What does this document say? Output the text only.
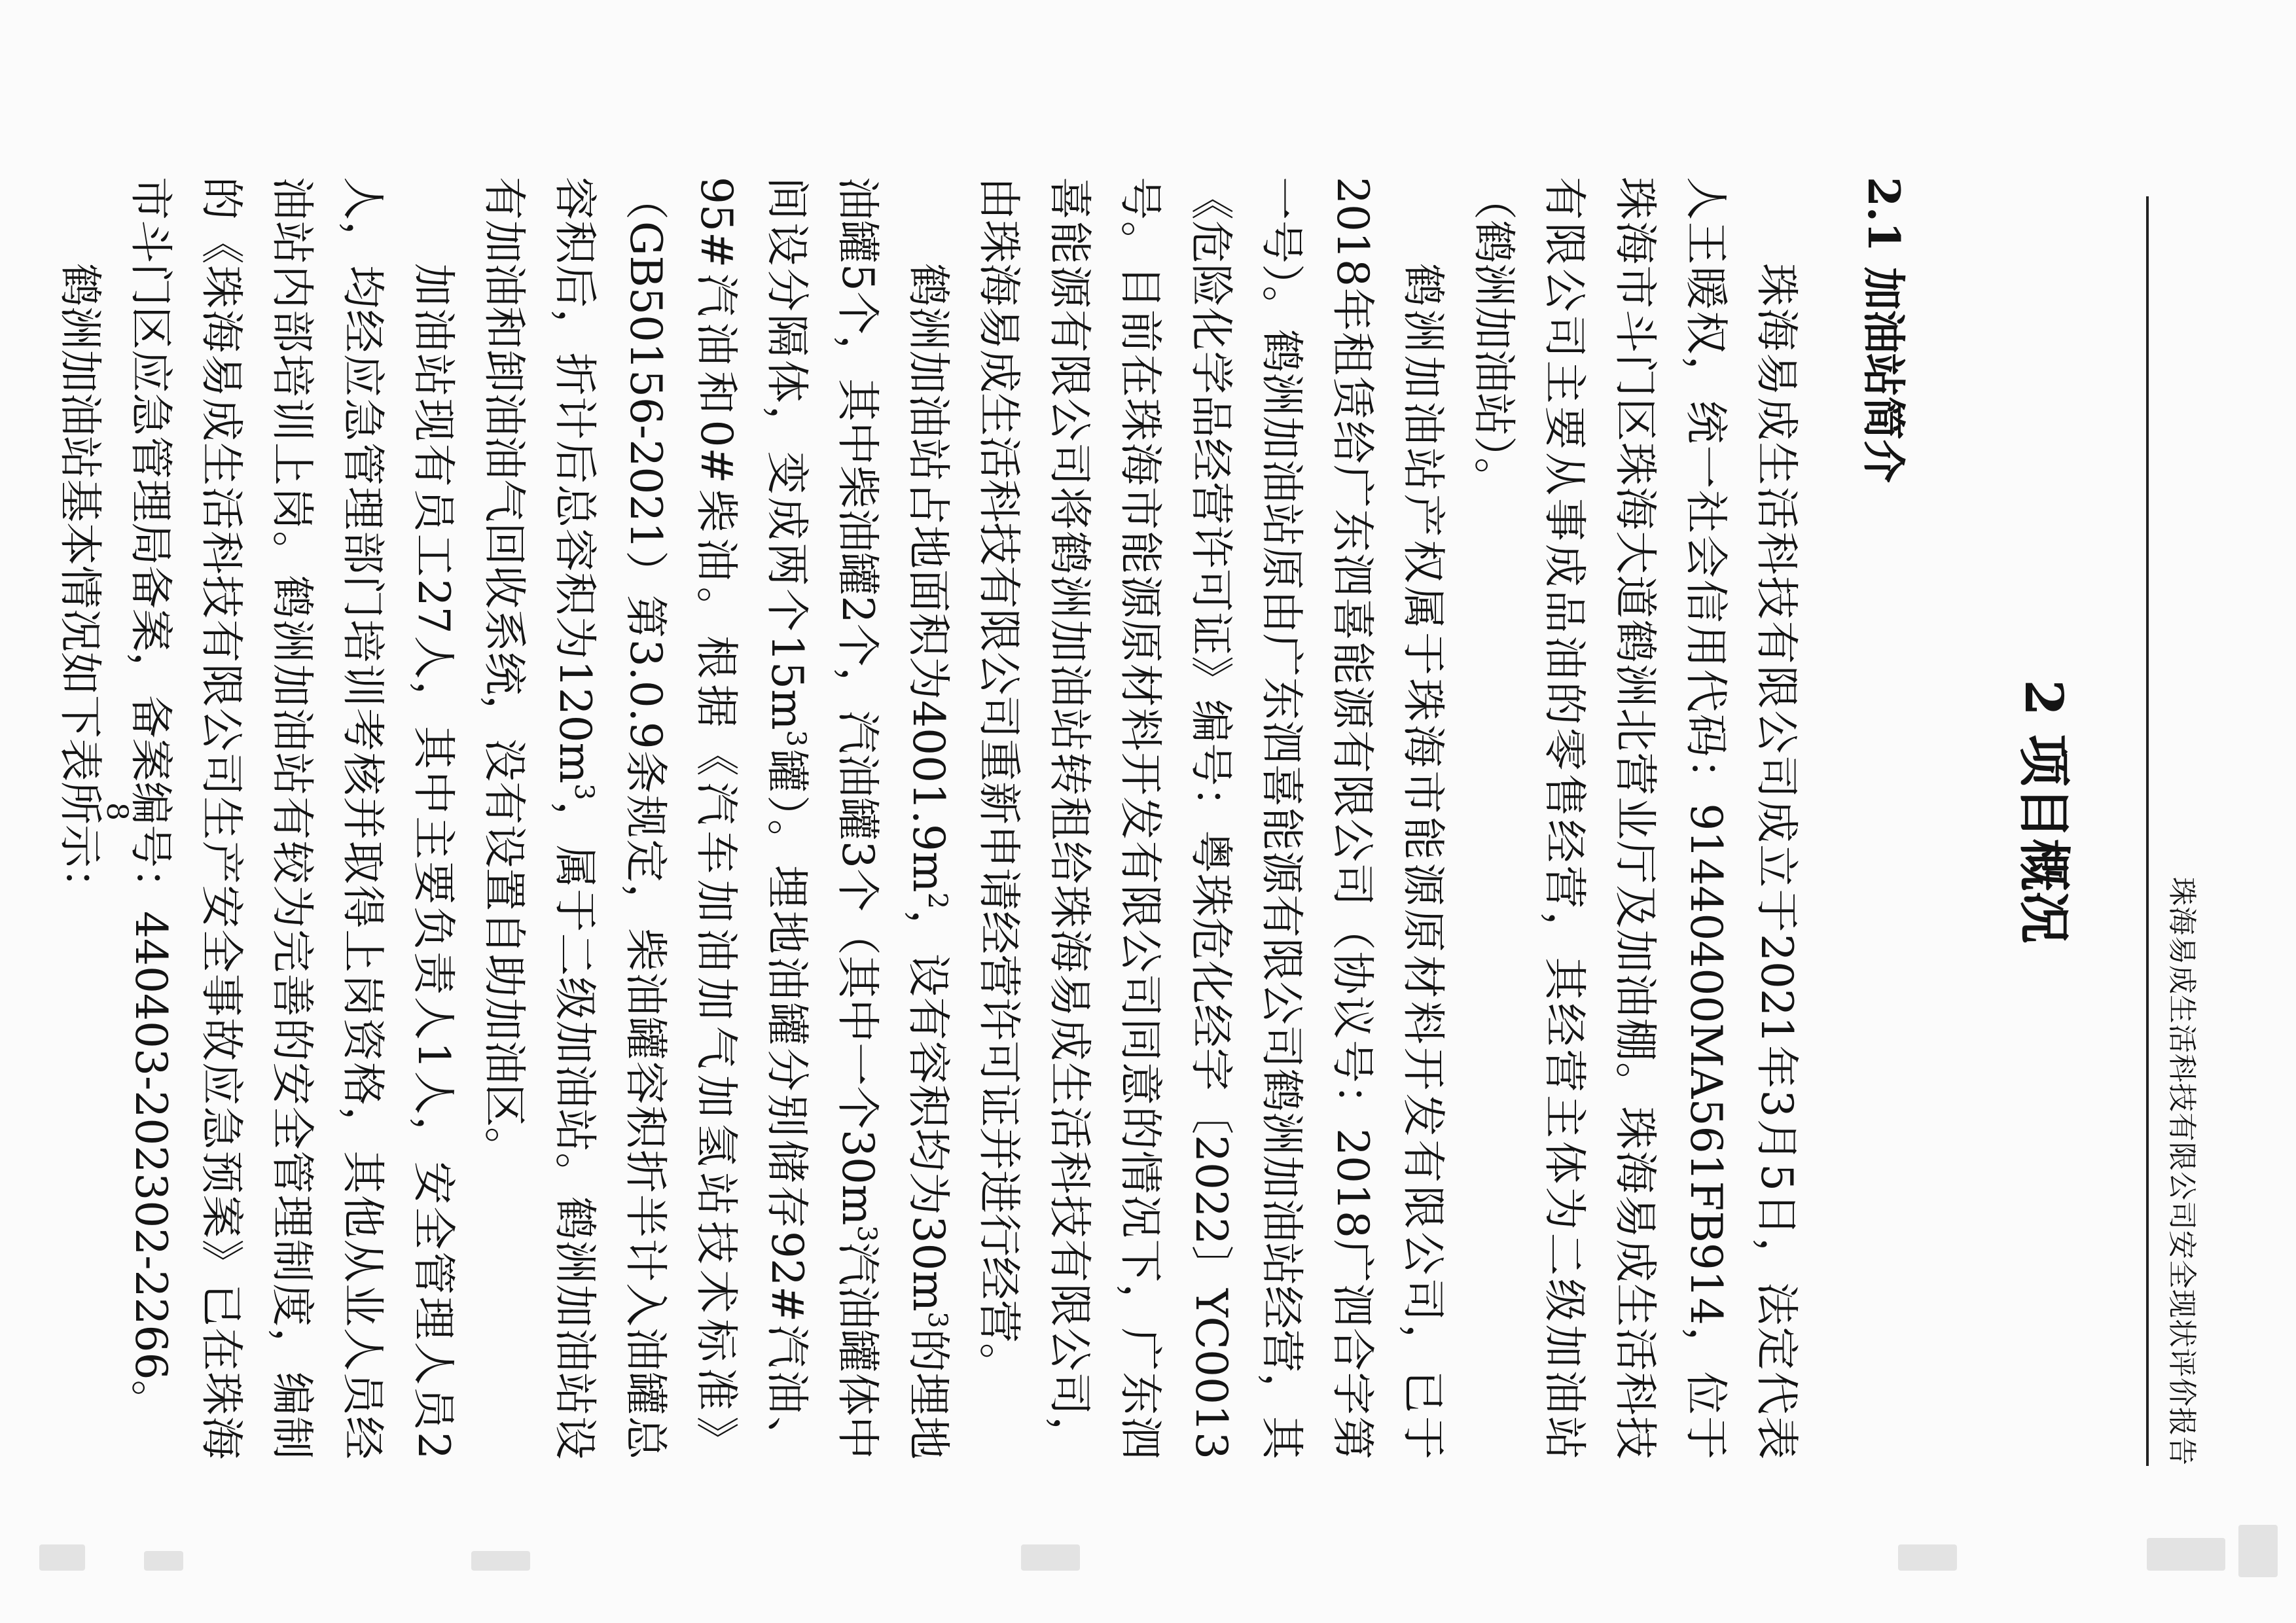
珠海易成生活科技有限公司安全现状评价报告
2 项目概况
2.1 加油站简介

珠海易成生活科技有限公司成立于2021年3月5日，法定代表人王暖权，统一社会信用代码：91440400MA561FB914，位于珠海市斗门区珠海大道鹤洲北营业厅及加油棚。珠海易成生活科技有限公司主要从事成品油的零售经营，其经营主体为二级加油站（鹤洲加油站）。

鹤洲加油站产权属于珠海市能源原材料开发有限公司，已于2018年租赁给广东泗喜能源有限公司（协议号：2018广泗合字第一号）。鹤洲加油站原由广东泗喜能源有限公司鹤洲加油站经营，其《危险化学品经营许可证》编号：粤珠危化经字〔2022〕YC0013号。目前在珠海市能源原材料开发有限公司同意的情况下，广东泗喜能源有限公司将鹤洲加油站转租给珠海易成生活科技有限公司，由珠海易成生活科技有限公司重新申请经营许可证并进行经营。

鹤洲加油站占地面积为$4001.9m^2$，设有容积均为$30m^3$的埋地油罐5个，其中柴油罐2个，汽油罐3个（其中一个$30m^3$汽油罐体中间设分隔体，变成两个$15m^3$罐）。埋地油罐分别储存92#汽油、95#汽油和0#柴油。根据《汽车加油加气加氢站技术标准》（GB50156-2021）第3.0.9条规定，柴油罐容积折半计入油罐总容积后，折计后总容积为$120m^3$，属于二级加油站。鹤洲加油站设有加油和卸油油气回收系统，没有设置自助加油区。

加油站现有员工27人，其中主要负责人1人，安全管理人员2人，均经应急管理部门培训考核并取得上岗资格，其他从业人员经油站内部培训上岗。鹤洲加油站有较为完善的安全管理制度，编制的《珠海易成生活科技有限公司生产安全事故应急预案》已在珠海市斗门区应急管理局备案，备案编号：440403-202302-2266。

鹤洲加油站基本情况如下表所示：

8
